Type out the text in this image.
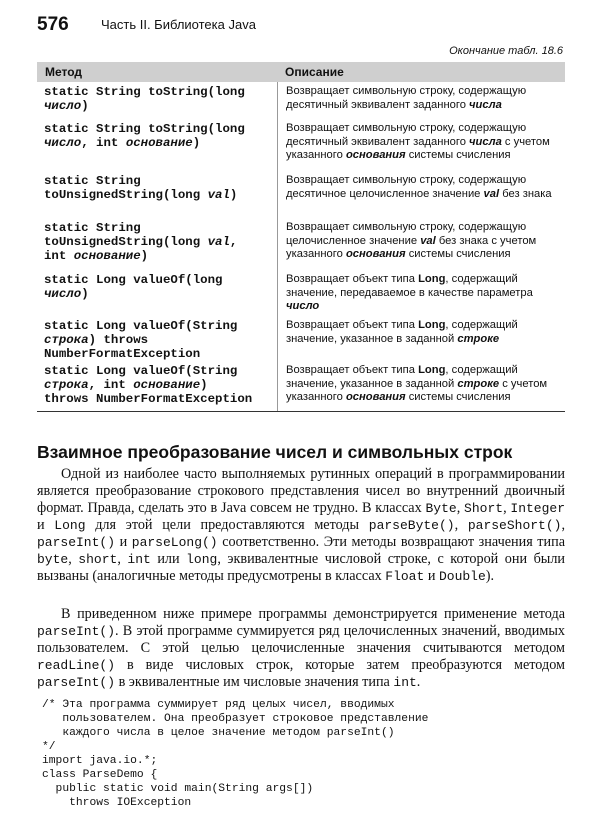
576 Часть II. Библиотека Java
Окончание табл. 18.6
Метод	Описание
static String toString(long
число)
Возвращает символьную строку, содержащую десятичный эквивалент заданного числа
static String toString(long
число, int основание)
Возвращает символьную строку, содержащую десятичный эквивалент заданного числа с учетом указанного основания системы счисления
static String
toUnsignedString(long val)
Возвращает символьную строку, содержащую десятичное целочисленное значение val без знака
static String
toUnsignedString(long val,
int основание)
Возвращает символьную строку, содержащую целочисленное значение val без знака с учетом указанного основания системы счисления
static Long valueOf(long
число)
Возвращает объект типа Long, содержащий значение, передаваемое в качестве параметра число
static Long valueOf(String
строка) throws
NumberFormatException
Возвращает объект типа Long, содержащий значение, указанное в заданной строке
static Long valueOf(String
строка, int основание)
throws NumberFormatException
Возвращает объект типа Long, содержащий значение, указанное в заданной строке с учетом указанного основания системы счисления
Взаимное преобразование чисел и символьных строк

Одной из наиболее часто выполняемых рутинных операций в программировании является преобразование строкового представления чисел во внутренний двоичный формат. Правда, сделать это в Java совсем не трудно. В классах Byte, Short, Integer и Long для этой цели предоставляются методы parseByte(), parseShort(), parseInt() и parseLong() соответственно. Эти методы возвращают значения типа byte, short, int или long, эквивалентные числовой строке, с которой они были вызваны (аналогичные методы предусмотрены в классах Float и Double).

В приведенном ниже примере программы демонстрируется применение метода parseInt(). В этой программе суммируется ряд целочисленных значений, вводимых пользователем. С этой целью целочисленные значения считываются методом readLine() в виде числовых строк, которые затем преобразуются методом parseInt() в эквивалентные им числовые значения типа int.

/* Эта программа суммирует ряд целых чисел, вводимых
пользователем. Она преобразует строковое представление
каждого числа в целое значение методом parseInt()
*/
import java.io.*;
class ParseDemo {
public static void main(String args[])
throws IOException
